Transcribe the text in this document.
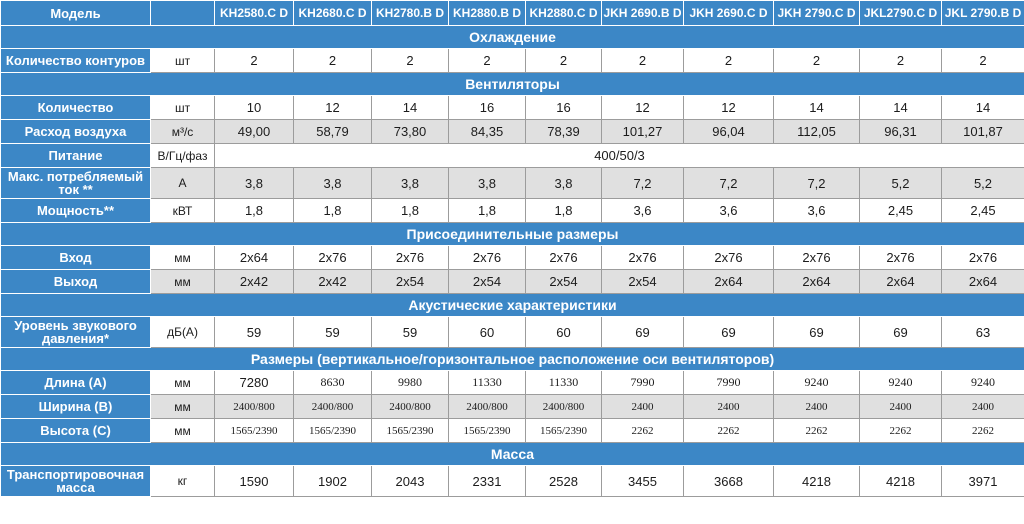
Модель		KH2580.C D	KH2680.C D	KH2780.B D	KH2880.B D	KH2880.C D	JKH 2690.B D	JKH 2690.C D	JKH 2790.C D	JKL2790.C D	JKL 2790.B D
Охлаждение											
Количество контуров	шт	2	2	2	2	2	2	2	2	2	2
Вентиляторы											
Количество	шт	10	12	14	16	16	12	12	14	14	14
Расход воздуха	м³/с	49,00	58,79	73,80	84,35	78,39	101,27	96,04	112,05	96,31	101,87
Питание	В/Гц/фаз	400/50/3									
Макс. потребляемый ток **	А	3,8	3,8	3,8	3,8	3,8	7,2	7,2	7,2	5,2	5,2
Мощность**	кВТ	1,8	1,8	1,8	1,8	1,8	3,6	3,6	3,6	2,45	2,45
Присоединительные размеры											
Вход	мм	2x64	2x76	2x76	2x76	2x76	2x76	2x76	2x76	2x76	2x76
Выход	мм	2x42	2x42	2x54	2x54	2x54	2x54	2x64	2x64	2x64	2x64
Акустические характеристики											
Уровень звукового давления*	дБ(А)	59	59	59	60	60	69	69	69	69	63
Размеры (вертикальное/горизонтальное расположение оси вентиляторов)											
Длина (А)	мм	7280	8630	9980	11330	11330	7990	7990	9240	9240	9240
Ширина (В)	мм	2400/800	2400/800	2400/800	2400/800	2400/800	2400	2400	2400	2400	2400
Высота (С)	мм	1565/2390	1565/2390	1565/2390	1565/2390	1565/2390	2262	2262	2262	2262	2262
Масса											
Транспортировочная масса	кг	1590	1902	2043	2331	2528	3455	3668	4218	4218	3971
